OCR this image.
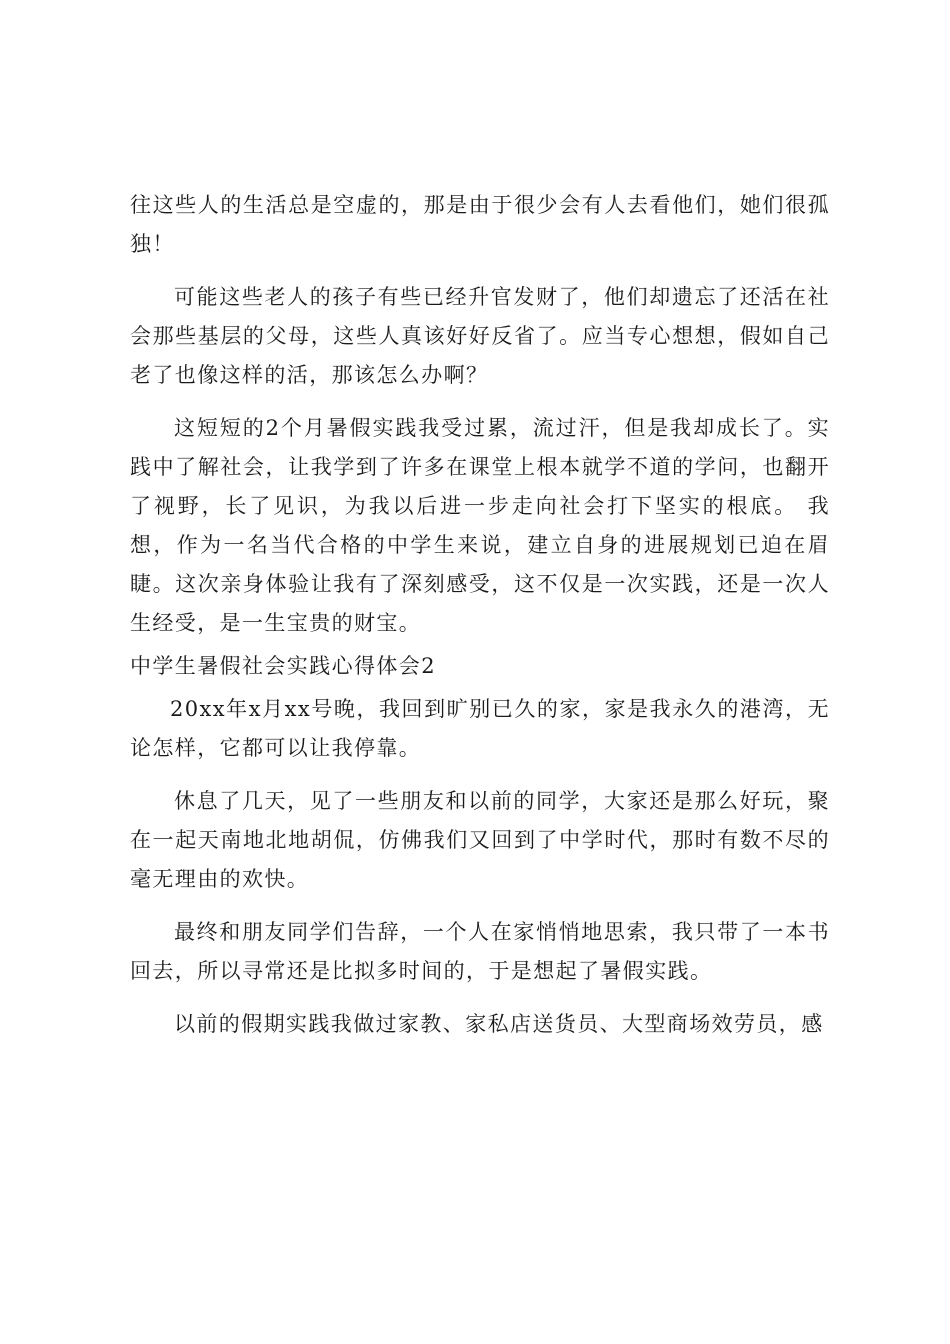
往这些人的生活总是空虚的，那是由于很少会有人去看他们，她们很孤独！

可能这些老人的孩子有些已经升官发财了，他们却遗忘了还活在社会那些基层的父母，这些人真该好好反省了。应当专心想想，假如自己老了也像这样的活，那该怎么办啊？

这短短的2个月暑假实践我受过累，流过汗，但是我却成长了。实践中了解社会，让我学到了许多在课堂上根本就学不道的学问，也翻开了视野，长了见识，为我以后进一步走向社会打下坚实的根底。 我想，作为一名当代合格的中学生来说，建立自身的进展规划已迫在眉睫。这次亲身体验让我有了深刻感受，这不仅是一次实践，还是一次人生经受，是一生宝贵的财宝。

中学生暑假社会实践心得体会2

20xx年x月xx号晚，我回到旷别已久的家，家是我永久的港湾，无论怎样，它都可以让我停靠。

休息了几天，见了一些朋友和以前的同学，大家还是那么好玩，聚在一起天南地北地胡侃，仿佛我们又回到了中学时代，那时有数不尽的毫无理由的欢快。

最终和朋友同学们告辞，一个人在家悄悄地思索，我只带了一本书回去，所以寻常还是比拟多时间的，于是想起了暑假实践。

以前的假期实践我做过家教、家私店送货员、大型商场效劳员，感
